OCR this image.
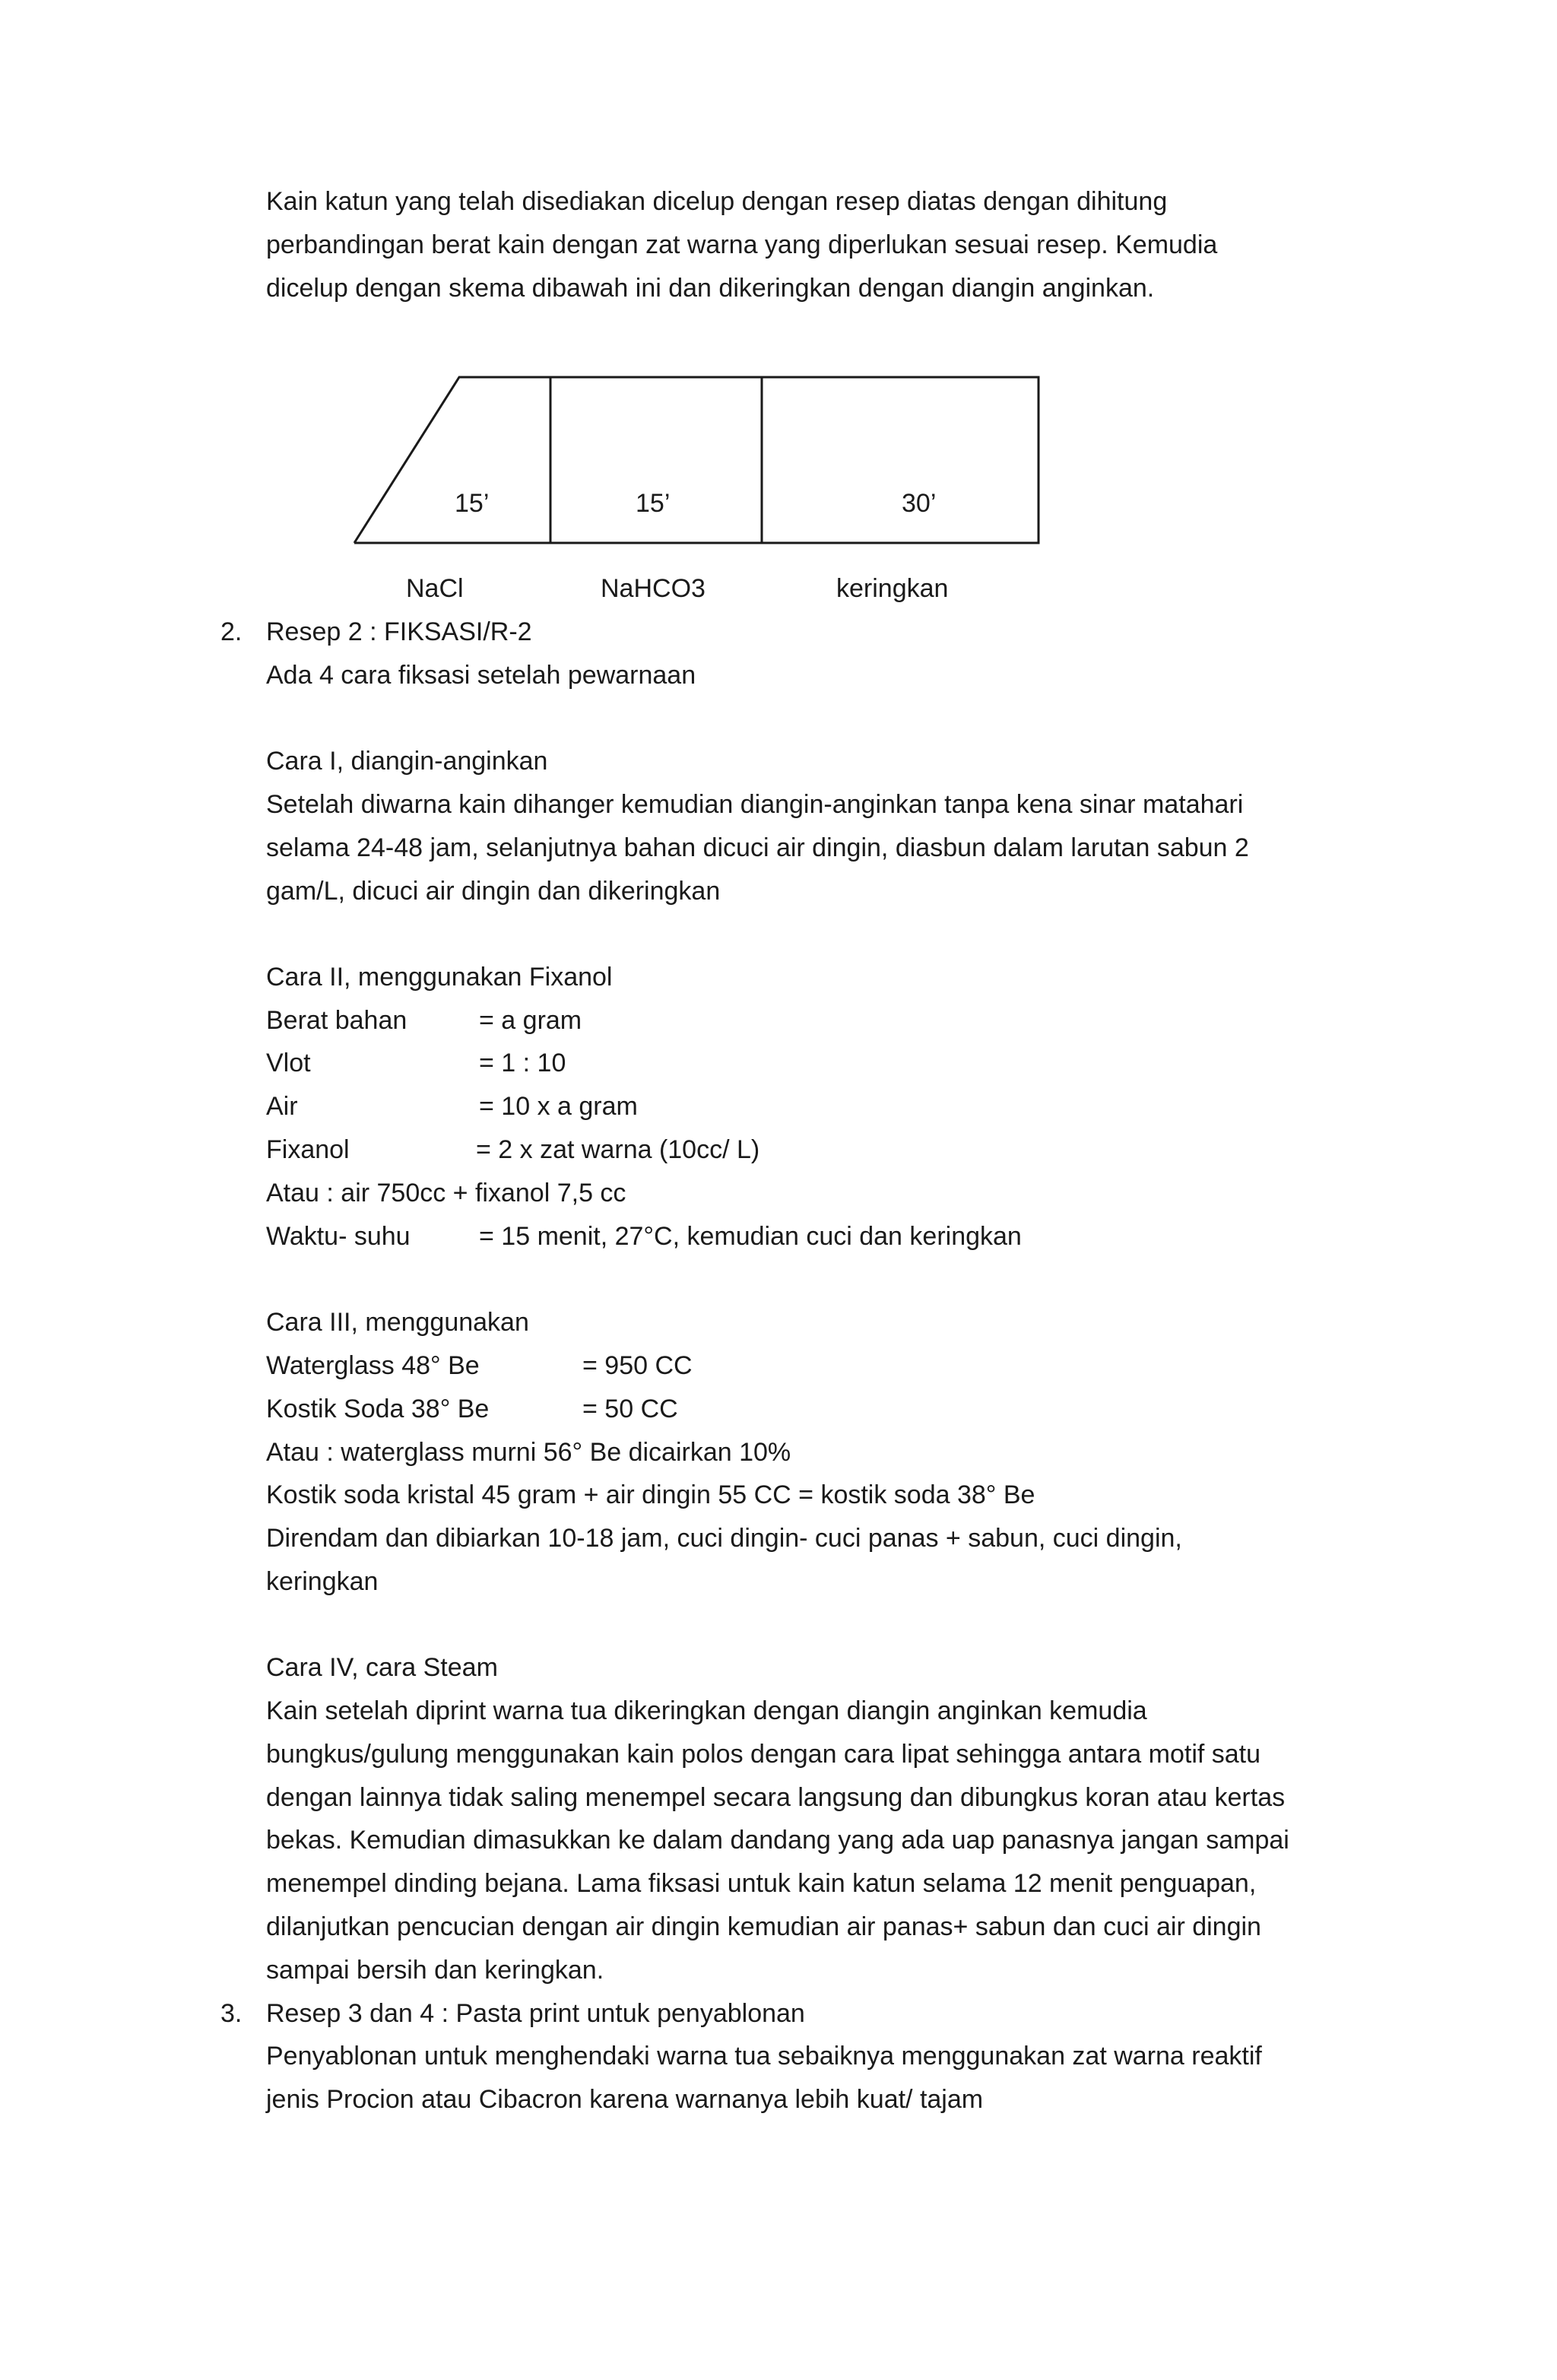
Kain katun yang telah disediakan dicelup dengan resep diatas dengan dihitung

perbandingan berat kain dengan zat warna yang diperlukan sesuai resep. Kemudia

dicelup dengan skema dibawah ini dan dikeringkan dengan diangin anginkan.

15’	15’	30’
NaCl	NaHCO3	keringkan
2. Resep 2 : FIKSASI/R-2

Ada 4 cara fiksasi setelah pewarnaan

Cara I, diangin-anginkan

Setelah diwarna kain dihanger kemudian diangin-anginkan tanpa kena sinar matahari

selama 24-48 jam, selanjutnya bahan dicuci air dingin, diasbun dalam larutan sabun 2

gam/L, dicuci air dingin dan dikeringkan

Cara II, menggunakan Fixanol

Berat bahan	= a gram
Vlot	= 1 : 10
Air	= 10 x a gram
Fixanol	= 2 x zat warna (10cc/ L)

Atau : air 750cc + fixanol 7,5 cc

Waktu- suhu	= 15 menit, 27°C, kemudian cuci dan keringkan

Cara III, menggunakan

Waterglass 48° Be	= 950 CC
Kostik Soda 38° Be	= 50 CC

Atau : waterglass murni 56° Be dicairkan 10%

Kostik soda kristal 45 gram + air dingin 55 CC = kostik soda 38° Be

Direndam dan dibiarkan 10-18 jam, cuci dingin- cuci panas + sabun, cuci dingin,

keringkan

Cara IV, cara Steam

Kain setelah diprint warna tua dikeringkan dengan diangin anginkan kemudia

bungkus/gulung menggunakan kain polos dengan cara lipat sehingga antara motif satu

dengan lainnya tidak saling menempel secara langsung dan dibungkus koran atau kertas

bekas. Kemudian dimasukkan ke dalam dandang yang ada uap panasnya jangan sampai

menempel dinding bejana. Lama fiksasi untuk kain katun selama 12 menit penguapan,

dilanjutkan pencucian dengan air dingin kemudian air panas+ sabun dan cuci air dingin

sampai bersih dan keringkan.

3. Resep 3 dan 4 : Pasta print untuk penyablonan

Penyablonan untuk menghendaki warna tua sebaiknya menggunakan zat warna reaktif

jenis Procion atau Cibacron karena warnanya lebih kuat/ tajam
